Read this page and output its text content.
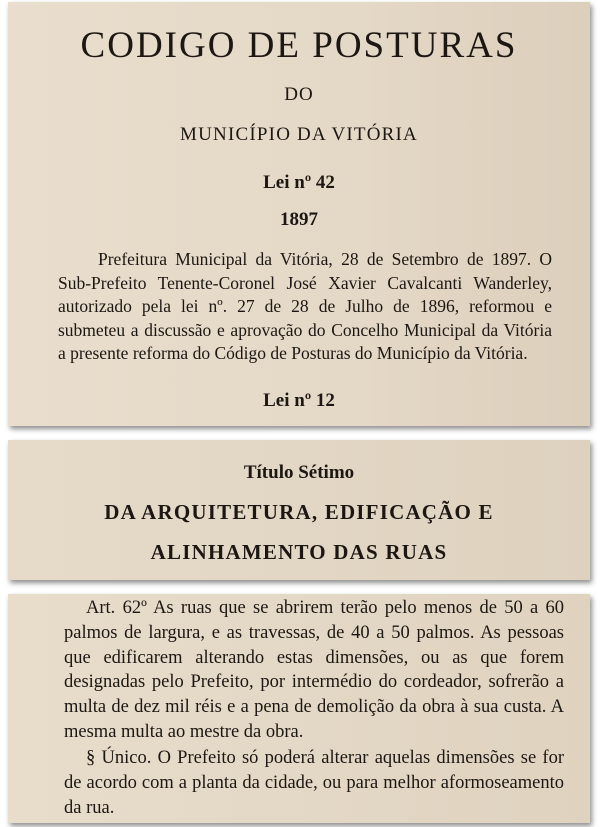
CODIGO DE POSTURAS
DO
MUNICÍPIO DA VITÓRIA
Lei nº 42
1897
Prefeitura Municipal da Vitória, 28 de Setembro de 1897. O Sub-Prefeito Tenente-Coronel José Xavier Cavalcanti Wanderley, autorizado pela lei nº. 27 de 28 de Julho de 1896, reformou e submeteu a discussão e aprovação do Concelho Municipal da Vitória a presente reforma do Código de Posturas do Município da Vitória.
Lei nº 12
Título Sétimo
DA ARQUITETURA, EDIFICAÇÃO E
ALINHAMENTO DAS RUAS
Art. 62º As ruas que se abrirem terão pelo menos de 50 a 60 palmos de largura, e as travessas, de 40 a 50 palmos. As pessoas que edificarem alterando estas dimensões, ou as que forem designadas pelo Prefeito, por intermédio do cordeador, sofrerão a multa de dez mil réis e a pena de demolição da obra à sua custa. A mesma multa ao mestre da obra.
§ Único. O Prefeito só poderá alterar aquelas dimensões se for de acordo com a planta da cidade, ou para melhor aformoseamento da rua.
